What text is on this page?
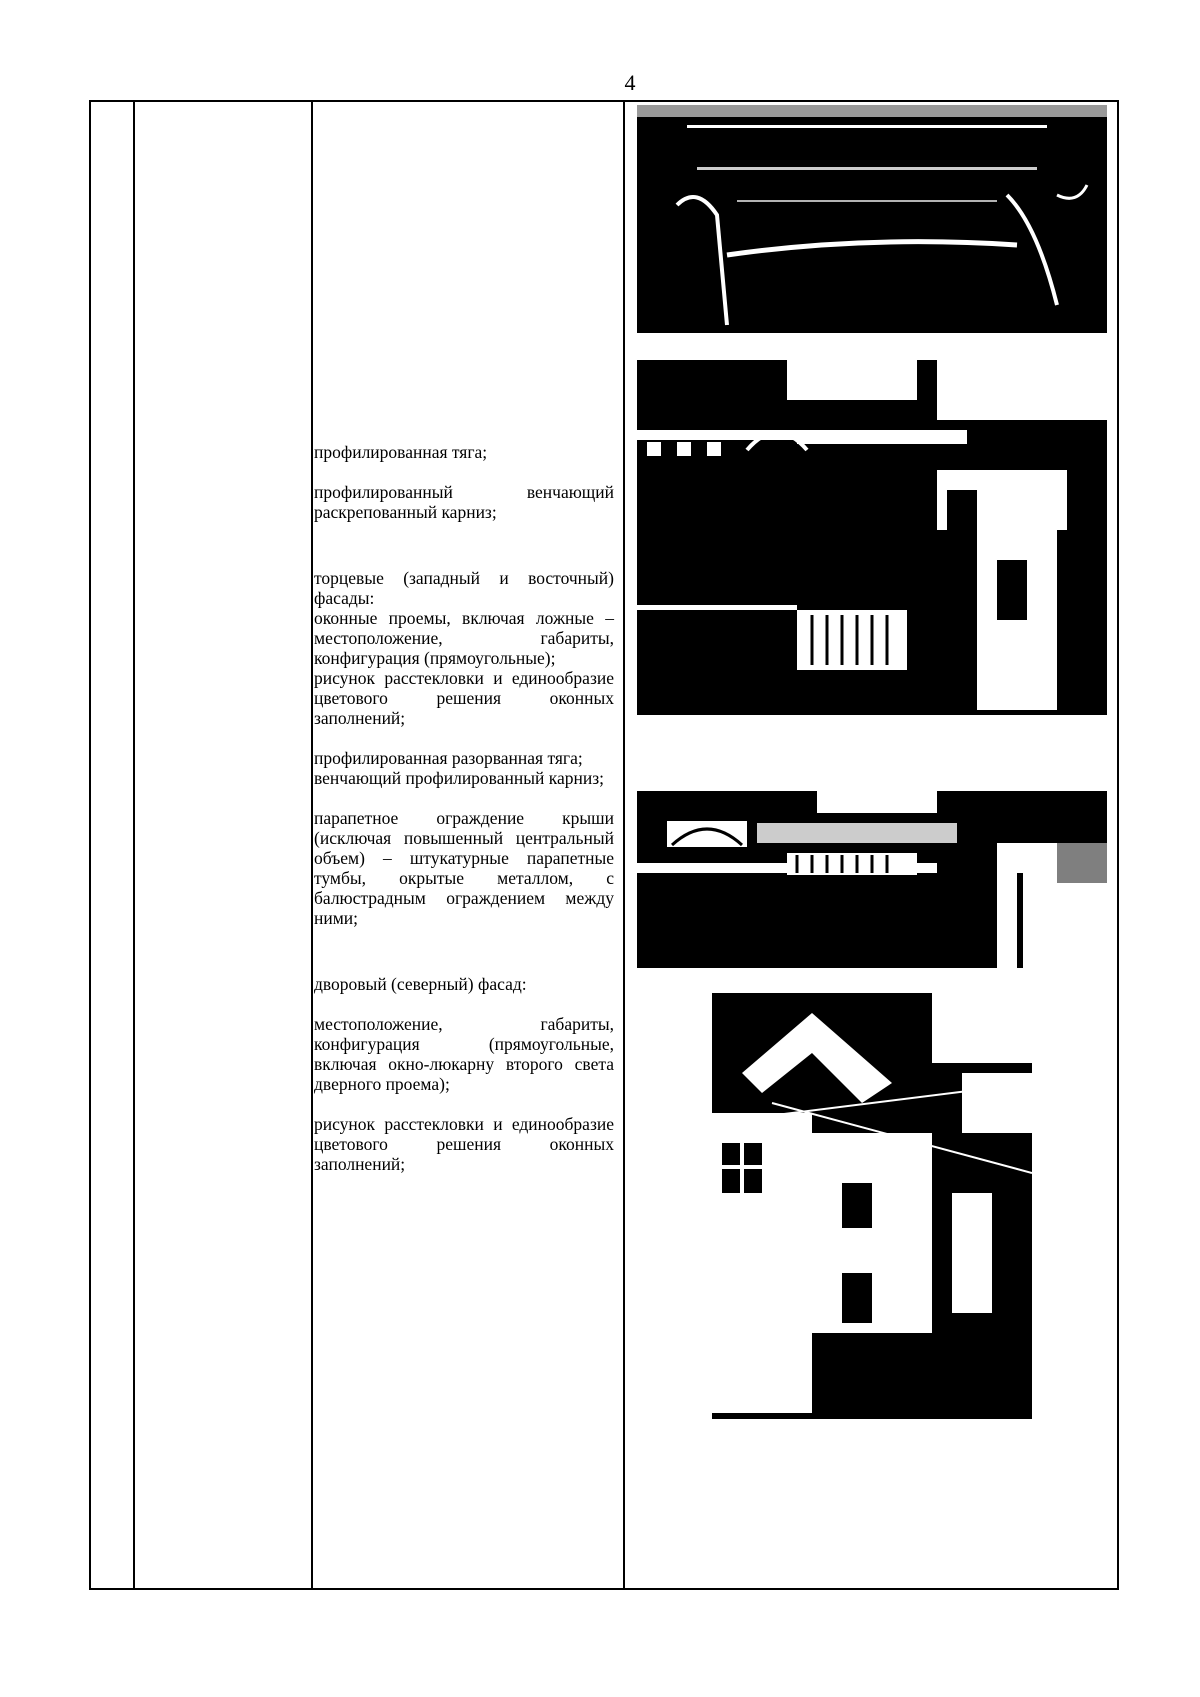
4

профилированная тяга;

профилированный венчающий раскрепованный карниз;

торцевые (западный и восточный) фасады:

оконные проемы, включая ложные – местоположение, габариты, конфигурация (прямоугольные);

рисунок расстекловки и единообразие цветового решения оконных заполнений;

профилированная разорванная тяга;

венчающий профилированный карниз;

парапетное ограждение крыши (исключая повышенный центральный объем) – штукатурные парапетные тумбы, окрытые металлом, с балюстрадным ограждением между ними;

дворовый (северный) фасад:

местоположение, габариты, конфигурация (прямоугольные, включая окно-люкарну второго света дверного проема);

рисунок расстекловки и единообразие цветового решения оконных заполнений;
